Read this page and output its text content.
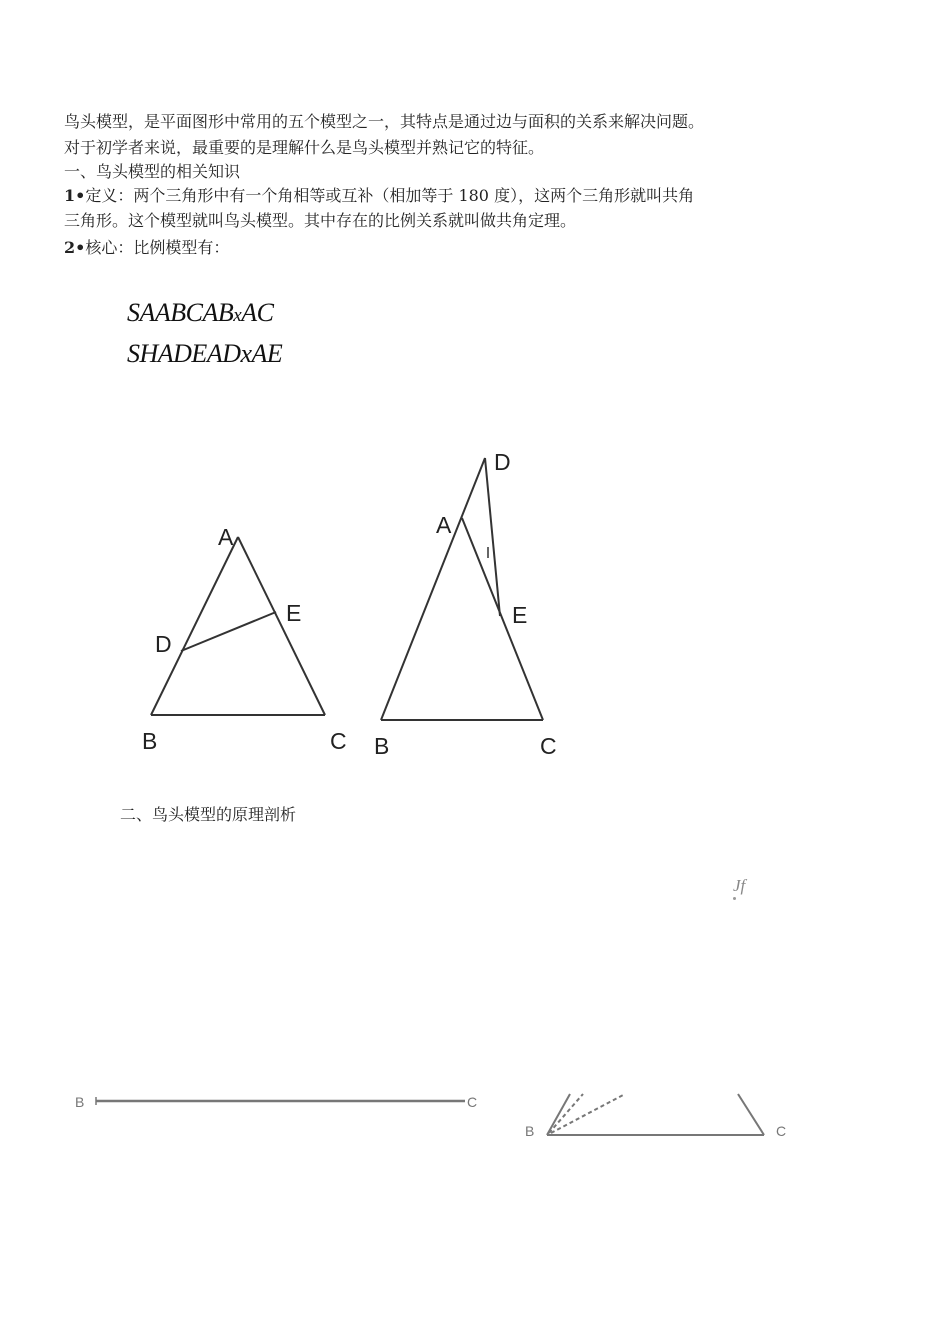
鸟头模型，是平面图形中常用的五个模型之一，其特点是通过边与面积的关系来解决问题。
对于初学者来说，最重要的是理解什么是鸟头模型并熟记它的特征。
一、鸟头模型的相关知识
1•定义：两个三角形中有一个角相等或互补（相加等于 180 度），这两个三角形就叫共角
三角形。这个模型就叫鸟头模型。其中存在的比例关系就叫做共角定理。
2•核心：比例模型有：
SAABCABxAC
SHADEADxAE
A
B	C
D
E
D
A
E
B	C
二、鸟头模型的原理剖析
Jf
B	C
B	C
